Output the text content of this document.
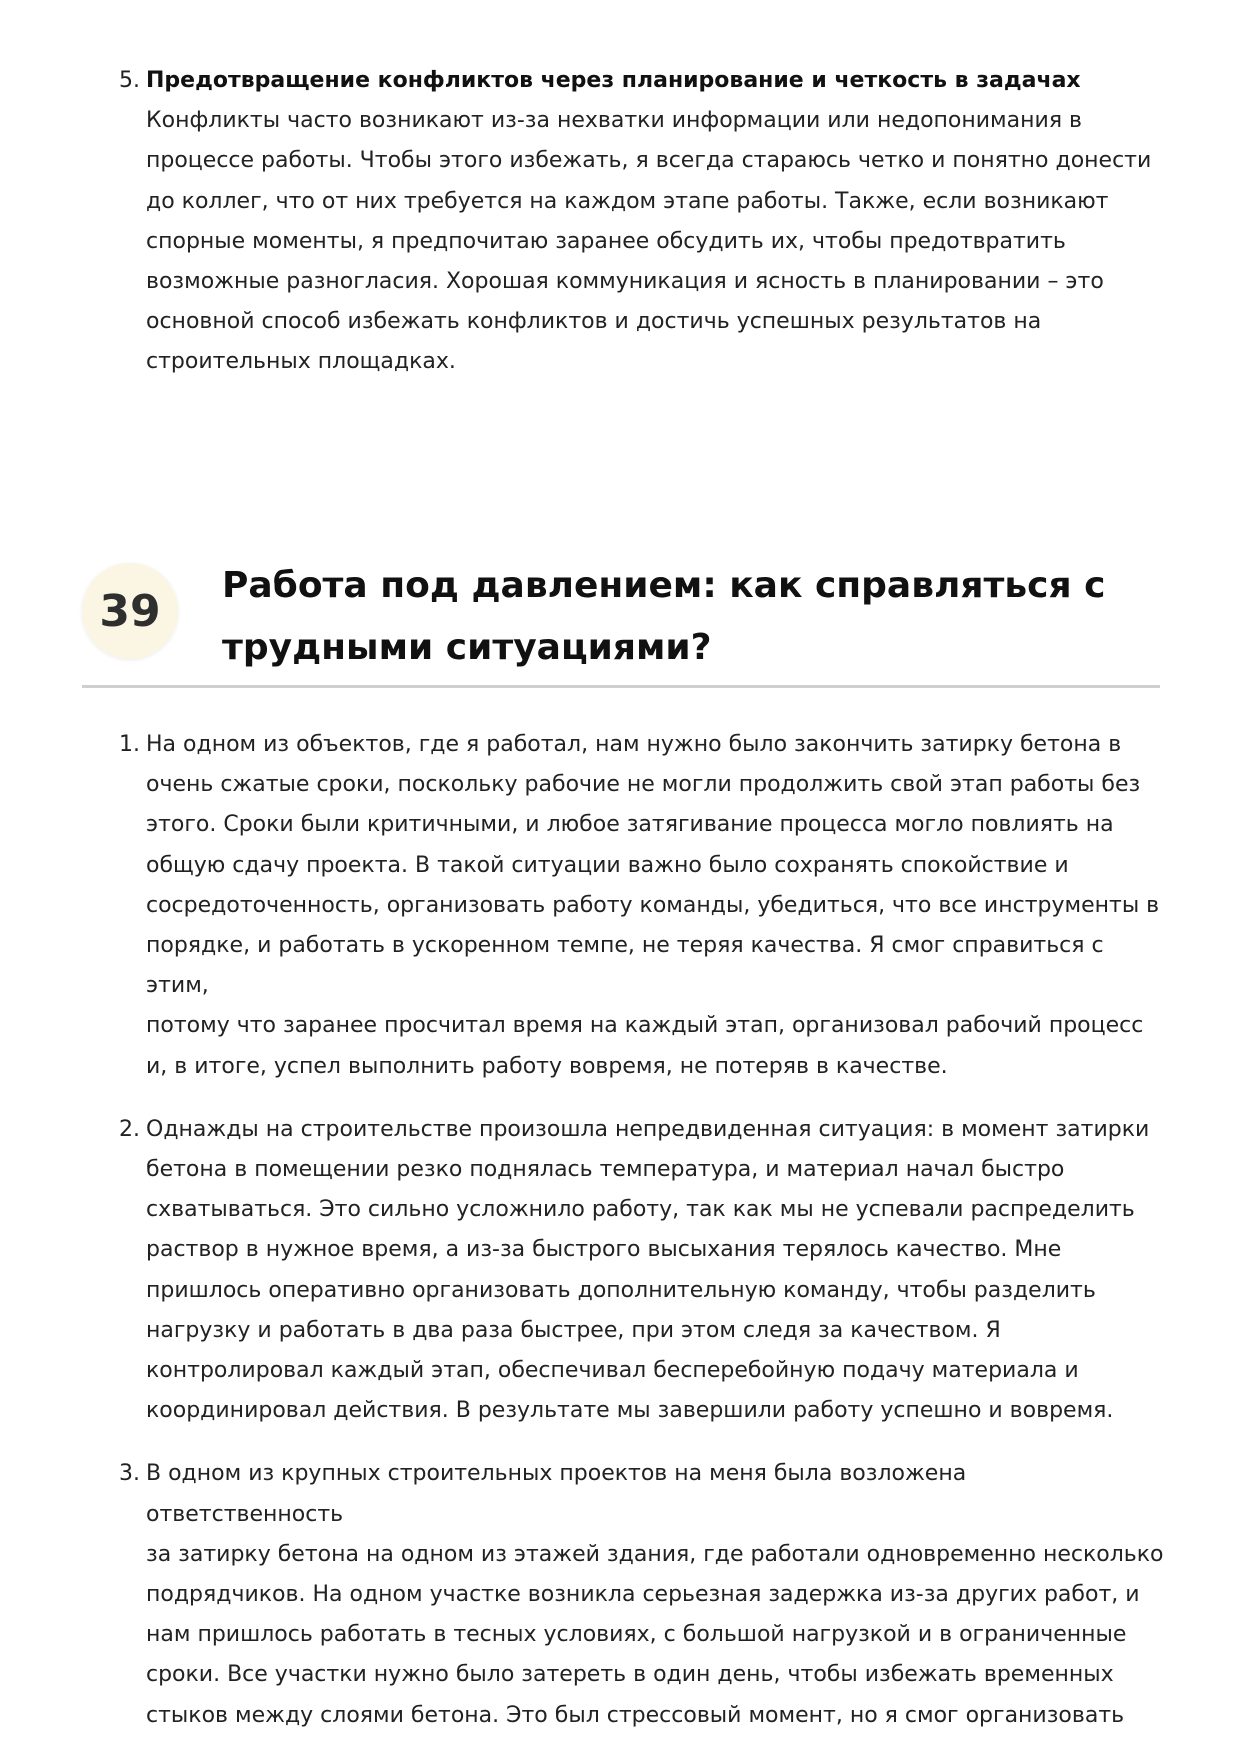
5. Предотвращение конфликтов через планирование и четкость в задачах
Конфликты часто возникают из-за нехватки информации или недопонимания в
процессе работы. Чтобы этого избежать, я всегда стараюсь четко и понятно донести
до коллег, что от них требуется на каждом этапе работы. Также, если возникают
спорные моменты, я предпочитаю заранее обсудить их, чтобы предотвратить
возможные разногласия. Хорошая коммуникация и ясность в планировании – это
основной способ избежать конфликтов и достичь успешных результатов на
строительных площадках.
39	Работа под давлением: как справляться с трудными ситуациями?
1. На одном из объектов, где я работал, нам нужно было закончить затирку бетона в
очень сжатые сроки, поскольку рабочие не могли продолжить свой этап работы без
этого. Сроки были критичными, и любое затягивание процесса могло повлиять на
общую сдачу проекта. В такой ситуации важно было сохранять спокойствие и
сосредоточенность, организовать работу команды, убедиться, что все инструменты в
порядке, и работать в ускоренном темпе, не теряя качества. Я смог справиться с этим,
потому что заранее просчитал время на каждый этап, организовал рабочий процесс
и, в итоге, успел выполнить работу вовремя, не потеряв в качестве.
2. Однажды на строительстве произошла непредвиденная ситуация: в момент затирки
бетона в помещении резко поднялась температура, и материал начал быстро
схватываться. Это сильно усложнило работу, так как мы не успевали распределить
раствор в нужное время, а из-за быстрого высыхания терялось качество. Мне
пришлось оперативно организовать дополнительную команду, чтобы разделить
нагрузку и работать в два раза быстрее, при этом следя за качеством. Я
контролировал каждый этап, обеспечивал бесперебойную подачу материала и
координировал действия. В результате мы завершили работу успешно и вовремя.
3. В одном из крупных строительных проектов на меня была возложена ответственность
за затирку бетона на одном из этажей здания, где работали одновременно несколько
подрядчиков. На одном участке возникла серьезная задержка из-за других работ, и
нам пришлось работать в тесных условиях, с большой нагрузкой и в ограниченные
сроки. Все участки нужно было затереть в один день, чтобы избежать временных
стыков между слоями бетона. Это был стрессовый момент, но я смог организовать
